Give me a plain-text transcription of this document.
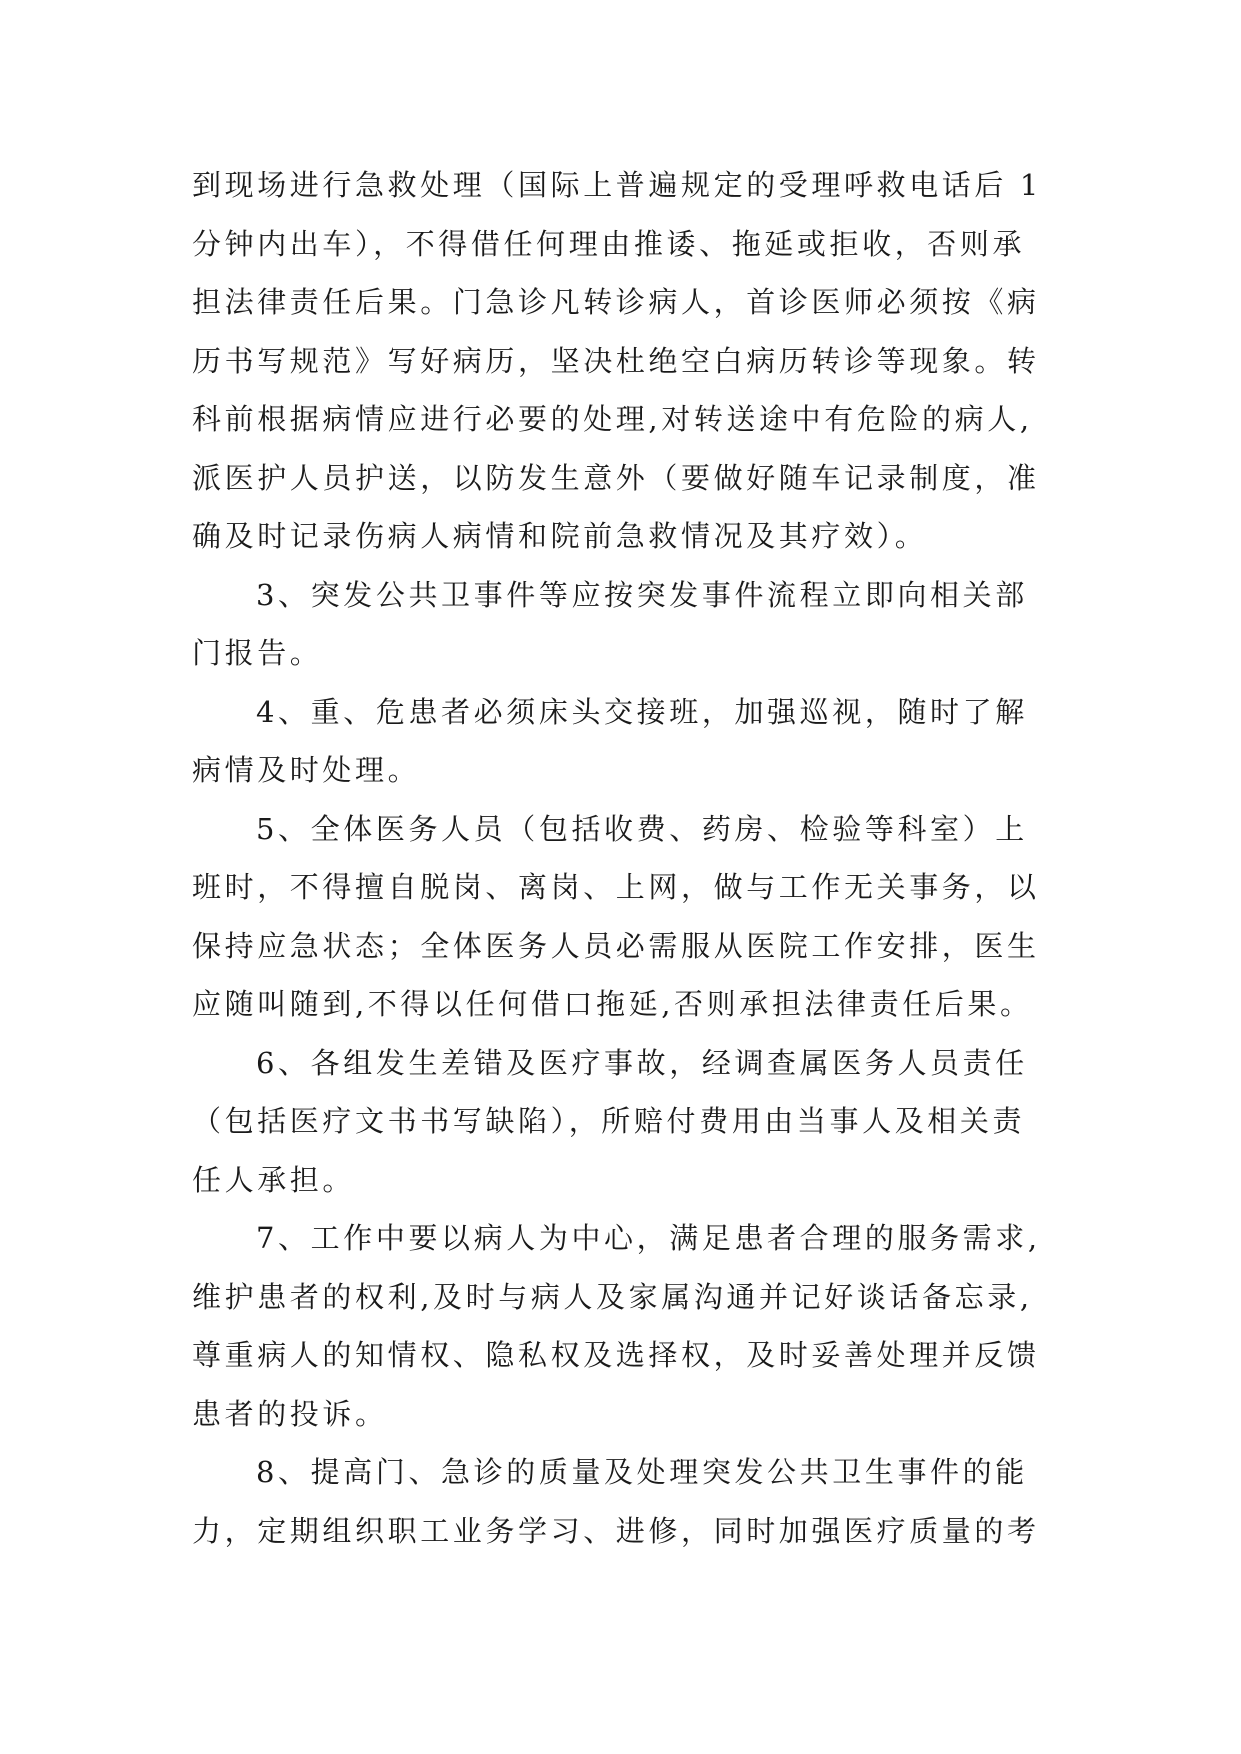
到现场进行急救处理（国际上普遍规定的受理呼救电话后 1
分钟内出车），不得借任何理由推诿、拖延或拒收，否则承
担法律责任后果。门急诊凡转诊病人，首诊医师必须按《病
历书写规范》写好病历，坚决杜绝空白病历转诊等现象。转
科前根据病情应进行必要的处理,对转送途中有危险的病人,
派医护人员护送，以防发生意外（要做好随车记录制度，准
确及时记录伤病人病情和院前急救情况及其疗效）。
3、突发公共卫事件等应按突发事件流程立即向相关部
门报告。
4、重、危患者必须床头交接班，加强巡视，随时了解
病情及时处理。
5、全体医务人员（包括收费、药房、检验等科室）上
班时，不得擅自脱岗、离岗、上网，做与工作无关事务，以
保持应急状态；全体医务人员必需服从医院工作安排，医生
应随叫随到,不得以任何借口拖延,否则承担法律责任后果。
6、各组发生差错及医疗事故，经调查属医务人员责任
（包括医疗文书书写缺陷），所赔付费用由当事人及相关责
任人承担。
7、工作中要以病人为中心，满足患者合理的服务需求,
维护患者的权利,及时与病人及家属沟通并记好谈话备忘录,
尊重病人的知情权、隐私权及选择权，及时妥善处理并反馈
患者的投诉。
8、提高门、急诊的质量及处理突发公共卫生事件的能
力，定期组织职工业务学习、进修，同时加强医疗质量的考
